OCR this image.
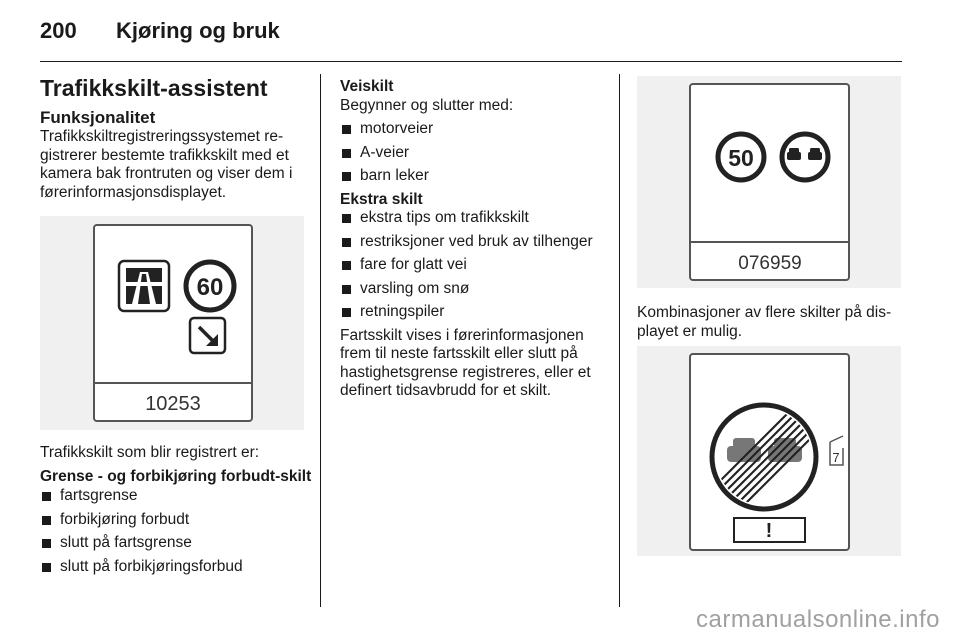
200 Kjøring og bruk

Trafikkskilt-assistent

Funksjonalitet

Trafikkskiltregistreringssystemet registrerer bestemte trafikkskilt med et kamera bak frontruten og viser dem i førerinformasjonsdisplayet.

60
10253

Trafikkskilt som blir registrert er:

Grense - og forbikjøring forbudt-skilt

fartsgrense
forbikjøring forbudt
slutt på fartsgrense
slutt på forbikjøringsforbud

Veiskilt

Begynner og slutter med:

motorveier
A-veier
barn leker

Ekstra skilt

ekstra tips om trafikkskilt
restriksjoner ved bruk av tilhenger
fare for glatt vei
varsling om snø
retningspiler

Fartsskilt vises i førerinformasjonen frem til neste fartsskilt eller slutt på hastighetsgrense registreres, eller et definert tidsavbrudd for et skilt.

50
076959

Kombinasjoner av flere skilter på displayet er mulig.

7
!
carmanualsonline.info
